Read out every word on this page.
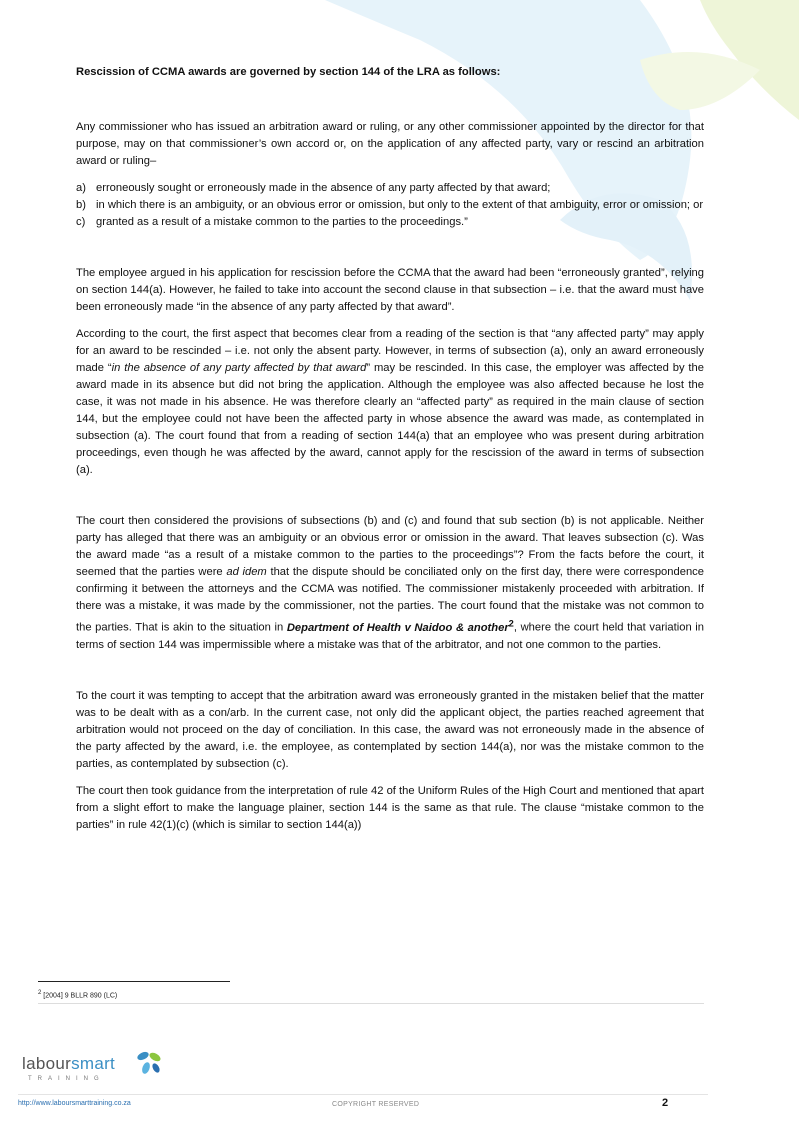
Rescission of CCMA awards are governed by section 144 of the LRA as follows:

Any commissioner who has issued an arbitration award or ruling, or any other commissioner appointed by the director for that purpose, may on that commissioner’s own accord or, on the application of any affected party, vary or rescind an arbitration award or ruling–

a) erroneously sought or erroneously made in the absence of any party affected by that award;
b) in which there is an ambiguity, or an obvious error or omission, but only to the extent of that ambiguity, error or omission; or
c) granted as a result of a mistake common to the parties to the proceedings.”

The employee argued in his application for rescission before the CCMA that the award had been “erroneously granted”, relying on section 144(a). However, he failed to take into account the second clause in that subsection – i.e. that the award must have been erroneously made “in the absence of any party affected by that award”.

According to the court, the first aspect that becomes clear from a reading of the section is that “any affected party” may apply for an award to be rescinded – i.e. not only the absent party. However, in terms of subsection (a), only an award erroneously made “in the absence of any party affected by that award” may be rescinded. In this case, the employer was affected by the award made in its absence but did not bring the application. Although the employee was also affected because he lost the case, it was not made in his absence. He was therefore clearly an “affected party” as required in the main clause of section 144, but the employee could not have been the affected party in whose absence the award was made, as contemplated in subsection (a). The court found that from a reading of section 144(a) that an employee who was present during arbitration proceedings, even though he was affected by the award, cannot apply for the rescission of the award in terms of subsection (a).

The court then considered the provisions of subsections (b) and (c) and found that sub section (b) is not applicable. Neither party has alleged that there was an ambiguity or an obvious error or omission in the award. That leaves subsection (c). Was the award made “as a result of a mistake common to the parties to the proceedings”? From the facts before the court, it seemed that the parties were ad idem that the dispute should be conciliated only on the first day, there were correspondence confirming it between the attorneys and the CCMA was notified. The commissioner mistakenly proceeded with arbitration. If there was a mistake, it was made by the commissioner, not the parties. The court found that the mistake was not common to the parties. That is akin to the situation in Department of Health v Naidoo & another$^2$, where the court held that variation in terms of section 144 was impermissible where a mistake was that of the arbitrator, and not one common to the parties.

To the court it was tempting to accept that the arbitration award was erroneously granted in the mistaken belief that the matter was to be dealt with as a con/arb. In the current case, not only did the applicant object, the parties reached agreement that arbitration would not proceed on the day of conciliation. In this case, the award was not erroneously made in the absence of the party affected by the award, i.e. the employee, as contemplated by section 144(a), nor was the mistake common to the parties, as contemplated by subsection (c).

The court then took guidance from the interpretation of rule 42 of the Uniform Rules of the High Court and mentioned that apart from a slight effort to make the language plainer, section 144 is the same as that rule. The clause “mistake common to the parties” in rule 42(1)(c) (which is similar to section 144(a))

$^2$ [2004] 9 BLLR 890 (LC)
laboursmart
TRAINING
http://www.laboursmarttraining.co.za	COPYRIGHT RESERVED	2
